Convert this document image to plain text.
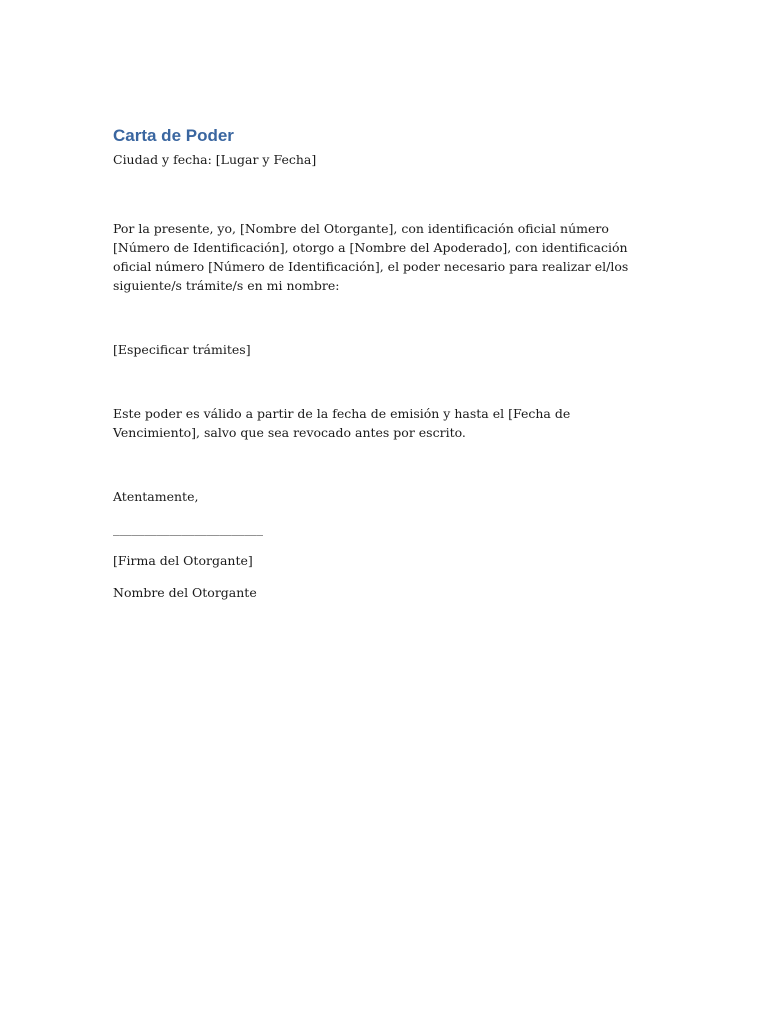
Carta de Poder

Ciudad y fecha: [Lugar y Fecha]

Por la presente, yo, [Nombre del Otorgante], con identificación oficial número [Número de Identificación], otorgo a [Nombre del Apoderado], con identificación oficial número [Número de Identificación], el poder necesario para realizar el/los siguiente/s trámite/s en mi nombre:

[Especificar trámites]

Este poder es válido a partir de la fecha de emisión y hasta el [Fecha de Vencimiento], salvo que sea revocado antes por escrito.

Atentamente,

________________________

[Firma del Otorgante]

Nombre del Otorgante
